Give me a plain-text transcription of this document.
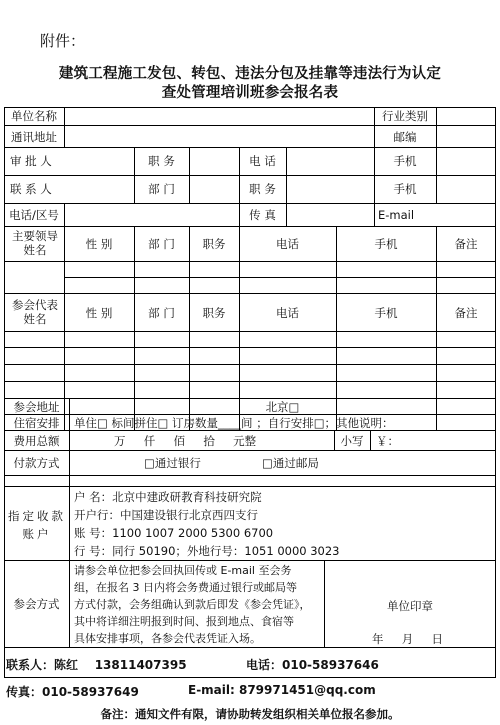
附件：
建筑工程施工发包、转包、违法分包及挂靠等违法行为认定
查处管理培训班参会报名表
单位名称	行业类别
通讯地址	邮编
审 批 人	职 务	电 话	手机
联 系 人	部 门	职 务	手机
电话/区号	传 真	E-mail
主要领导姓名	性 别	部 门	职务	电话	手机	备注
参会代表姓名	性 别	部 门	职务	电话	手机	备注
参会地址	北京□
住宿安排	单住□ 标间拼住□ 订房数量____间 ；自行安排□；其他说明：
费用总额	万     仟     佰     拾     元整	小写	￥：
付款方式	□通过银行	□通过邮局
指定收款账户
户 名：北京中建政研教育科技研究院
开户行：中国建设银行北京西四支行
账 号：1100 1007 2000 5300 6700
行 号：同行 50190；外地行号：1051 0000 3023
参会方式
请参会单位把参会回执回传或 E-mail 至会务
组，在报名 3 日内将会务费通过银行或邮局等
方式付款，会务组确认到款后即发《参会凭证》，
其中将详细注明报到时间、报到地点、食宿等
具体安排事项，各参会代表凭证入场。
单位印章
年     月     日
联系人：陈红    13811407395	电话：010-58937646
传真：010-58937649	E-mail: 879971451@qq.com
备注：通知文件有限，请协助转发组织相关单位报名参加。
